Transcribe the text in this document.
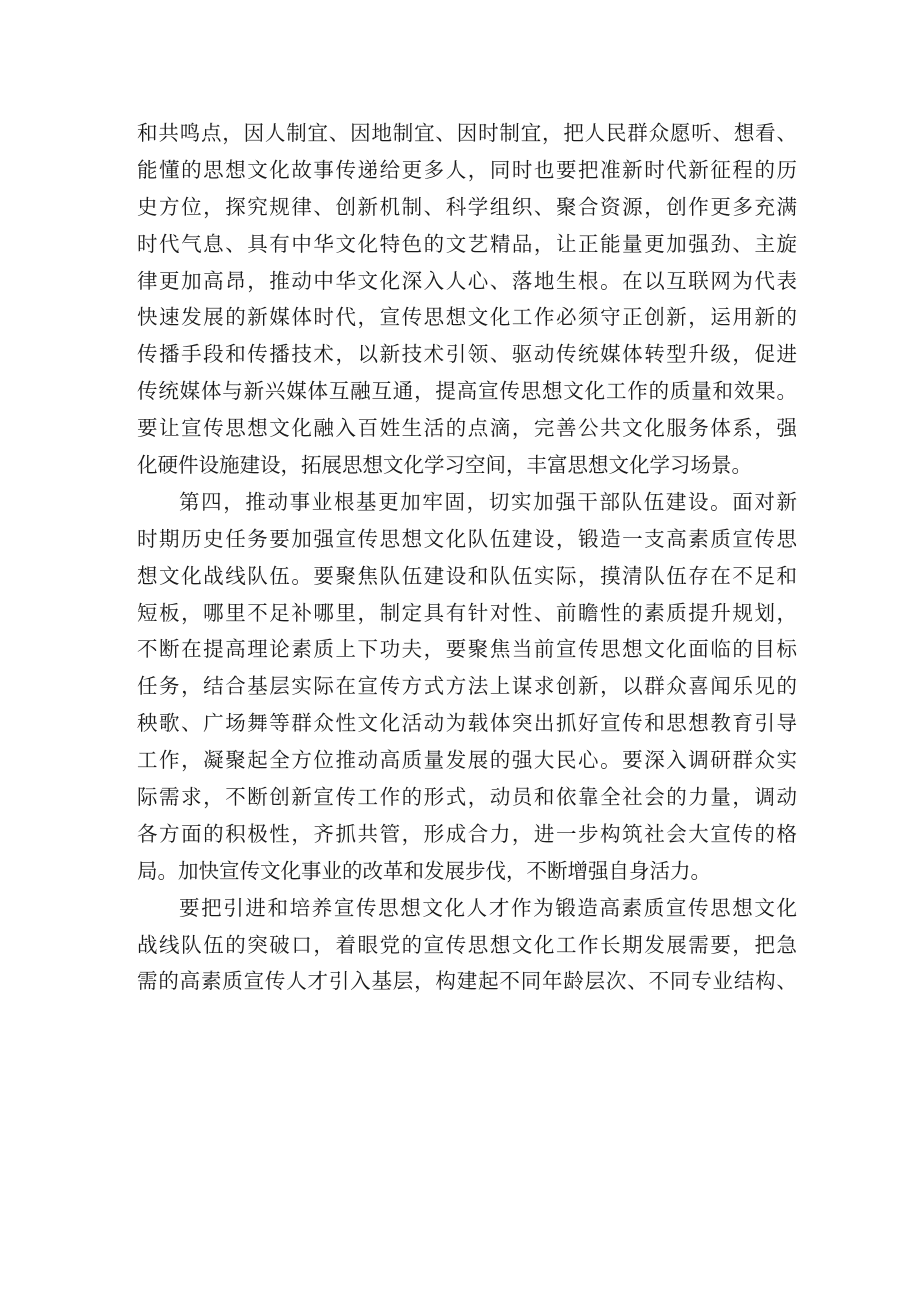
和共鸣点，因人制宜、因地制宜、因时制宜，把人民群众愿听、想看、
能懂的思想文化故事传递给更多人，同时也要把准新时代新征程的历
史方位，探究规律、创新机制、科学组织、聚合资源，创作更多充满
时代气息、具有中华文化特色的文艺精品，让正能量更加强劲、主旋
律更加高昂，推动中华文化深入人心、落地生根。在以互联网为代表
快速发展的新媒体时代，宣传思想文化工作必须守正创新，运用新的
传播手段和传播技术，以新技术引领、驱动传统媒体转型升级，促进
传统媒体与新兴媒体互融互通，提高宣传思想文化工作的质量和效果。
要让宣传思想文化融入百姓生活的点滴，完善公共文化服务体系，强
化硬件设施建设，拓展思想文化学习空间，丰富思想文化学习场景。
第四，推动事业根基更加牢固，切实加强干部队伍建设。面对新
时期历史任务要加强宣传思想文化队伍建设，锻造一支高素质宣传思
想文化战线队伍。要聚焦队伍建设和队伍实际，摸清队伍存在不足和
短板，哪里不足补哪里，制定具有针对性、前瞻性的素质提升规划，
不断在提高理论素质上下功夫，要聚焦当前宣传思想文化面临的目标
任务，结合基层实际在宣传方式方法上谋求创新，以群众喜闻乐见的
秧歌、广场舞等群众性文化活动为载体突出抓好宣传和思想教育引导
工作，凝聚起全方位推动高质量发展的强大民心。要深入调研群众实
际需求，不断创新宣传工作的形式，动员和依靠全社会的力量，调动
各方面的积极性，齐抓共管，形成合力，进一步构筑社会大宣传的格
局。加快宣传文化事业的改革和发展步伐，不断增强自身活力。
要把引进和培养宣传思想文化人才作为锻造高素质宣传思想文化
战线队伍的突破口，着眼党的宣传思想文化工作长期发展需要，把急
需的高素质宣传人才引入基层，构建起不同年龄层次、不同专业结构、
